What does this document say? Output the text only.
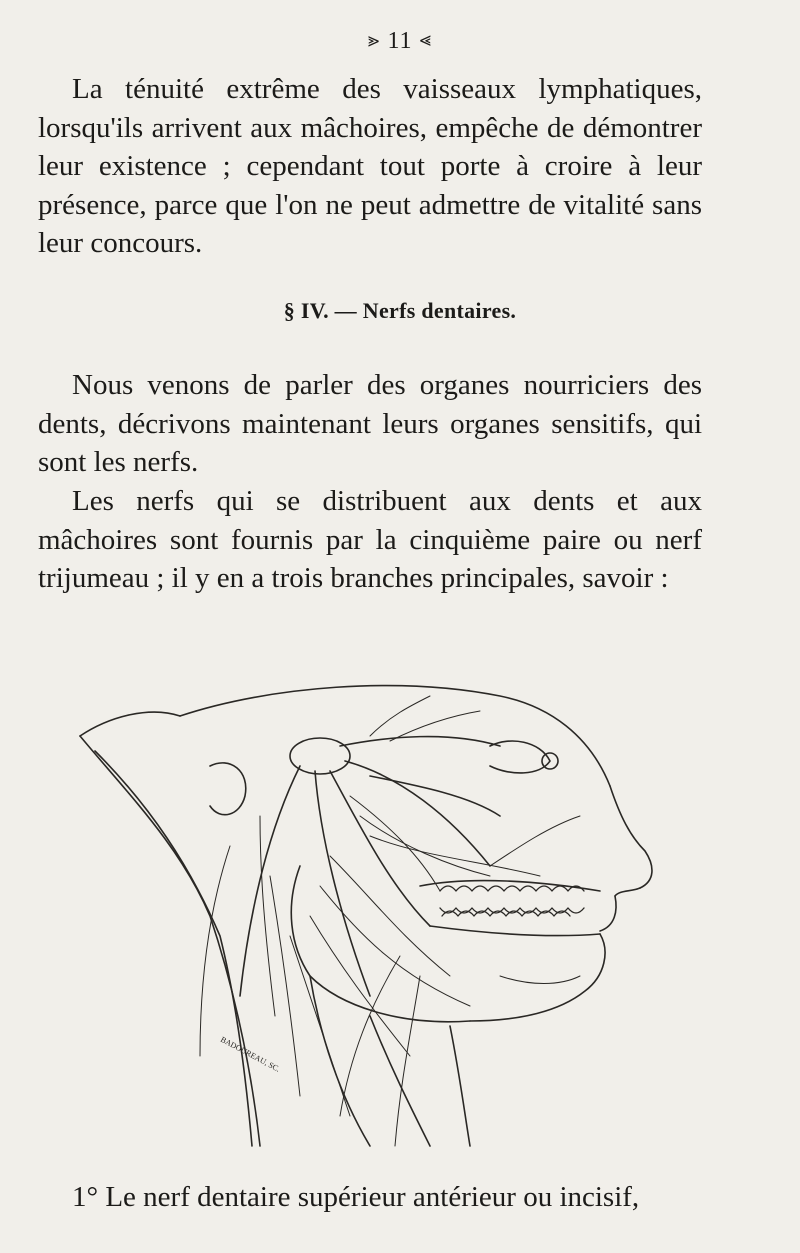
⪢ 11 ⪡
La ténuité extrême des vaisseaux lymphatiques, lorsqu'ils arrivent aux mâchoires, empêche de démontrer leur existence ; cependant tout porte à croire à leur présence, parce que l'on ne peut admettre de vitalité sans leur concours.
§ IV. — Nerfs dentaires.
Nous venons de parler des organes nourriciers des dents, décrivons maintenant leurs organes sensitifs, qui sont les nerfs.
Les nerfs qui se distribuent aux dents et aux mâchoires sont fournis par la cinquième paire ou nerf trijumeau ; il y en a trois branches principales, savoir :
BADOUREAU, SC.
1° Le nerf dentaire supérieur antérieur ou incisif,
